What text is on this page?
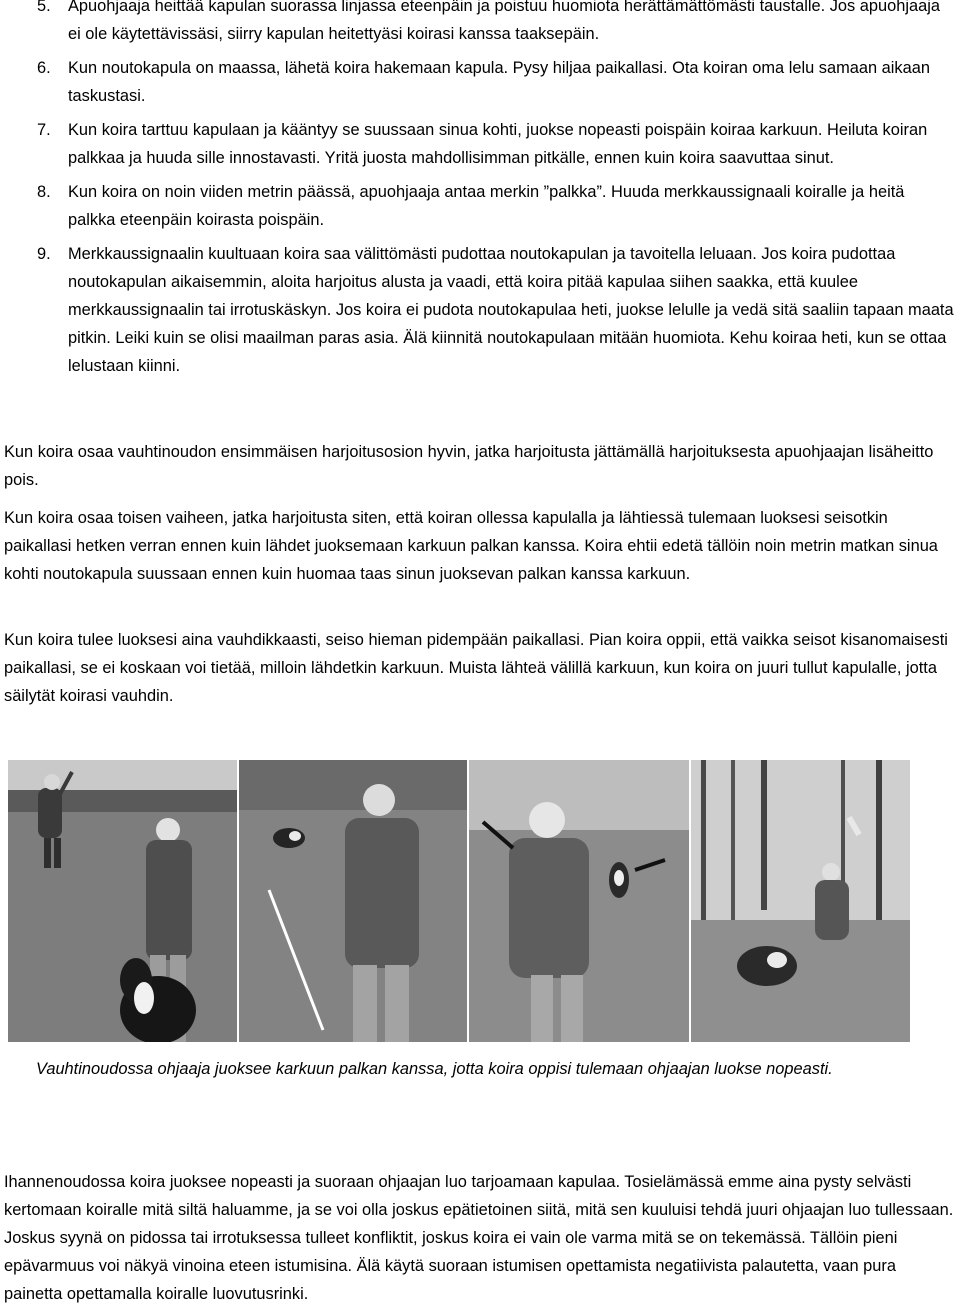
5. Apuohjaaja heittää kapulan suorassa linjassa eteenpäin ja poistuu huomiota herättämättömästi taustalle. Jos apuohjaaja ei ole käytettävissäsi, siirry kapulan heitettyäsi koirasi kanssa taaksepäin.
6. Kun noutokapula on maassa, lähetä koira hakemaan kapula. Pysy hiljaa paikallasi. Ota koiran oma lelu samaan aikaan taskustasi.
7. Kun koira tarttuu kapulaan ja kääntyy se suussaan sinua kohti, juokse nopeasti poispäin koiraa karkuun. Heiluta koiran palkkaa ja huuda sille innostavasti. Yritä juosta mahdollisimman pitkälle, ennen kuin koira saavuttaa sinut.
8. Kun koira on noin viiden metrin päässä, apuohjaaja antaa merkin ”palkka”. Huuda merkkaussignaali koiralle ja heitä palkka eteenpäin koirasta poispäin.
9. Merkkaussignaalin kuultuaan koira saa välittömästi pudottaa noutokapulan ja tavoitella leluaan. Jos koira pudottaa noutokapulan aikaisemmin, aloita harjoitus alusta ja vaadi, että koira pitää kapulaa siihen saakka, että kuulee merkkaussignaalin tai irrotuskäskyn. Jos koira ei pudota noutokapulaa heti, juokse lelulle ja vedä sitä saaliin tapaan maata pitkin. Leiki kuin se olisi maailman paras asia. Älä kiinnitä noutokapulaan mitään huomiota. Kehu koiraa heti, kun se ottaa lelustaan kiinni.

Kun koira osaa vauhtinoudon ensimmäisen harjoitusosion hyvin, jatka harjoitusta jättämällä harjoituksesta apuohjaajan lisäheitto pois.

Kun koira osaa toisen vaiheen, jatka harjoitusta siten, että koiran ollessa kapulalla ja lähtiessä tulemaan luoksesi seisotkin paikallasi hetken verran ennen kuin lähdet juoksemaan karkuun palkan kanssa. Koira ehtii edetä tällöin noin metrin matkan sinua kohti noutokapula suussaan ennen kuin huomaa taas sinun juoksevan palkan kanssa karkuun.

Kun koira tulee luoksesi aina vauhdikkaasti, seiso hieman pidempään paikallasi. Pian koira oppii, että vaikka seisot kisanomaisesti paikallasi, se ei koskaan voi tietää, milloin lähdetkin karkuun. Muista lähteä välillä karkuun, kun koira on juuri tullut kapulalle, jotta säilytät koirasi vauhdin.

Vauhtinoudossa ohjaaja juoksee karkuun palkan kanssa, jotta koira oppisi tulemaan ohjaajan luokse nopeasti.

Ihannenoudossa koira juoksee nopeasti ja suoraan ohjaajan luo tarjoamaan kapulaa. Tosielämässä emme aina pysty selvästi kertomaan koiralle mitä siltä haluamme, ja se voi olla joskus epätietoinen siitä, mitä sen kuuluisi tehdä juuri ohjaajan luo tullessaan. Joskus syynä on pidossa tai irrotuksessa tulleet konfliktit, joskus koira ei vain ole varma mitä se on tekemässä. Tällöin pieni epävarmuus voi näkyä vinoina eteen istumisina. Älä käytä suoraan istumisen opettamista negatiivista palautetta, vaan pura painetta opettamalla koiralle luovutusrinki.
